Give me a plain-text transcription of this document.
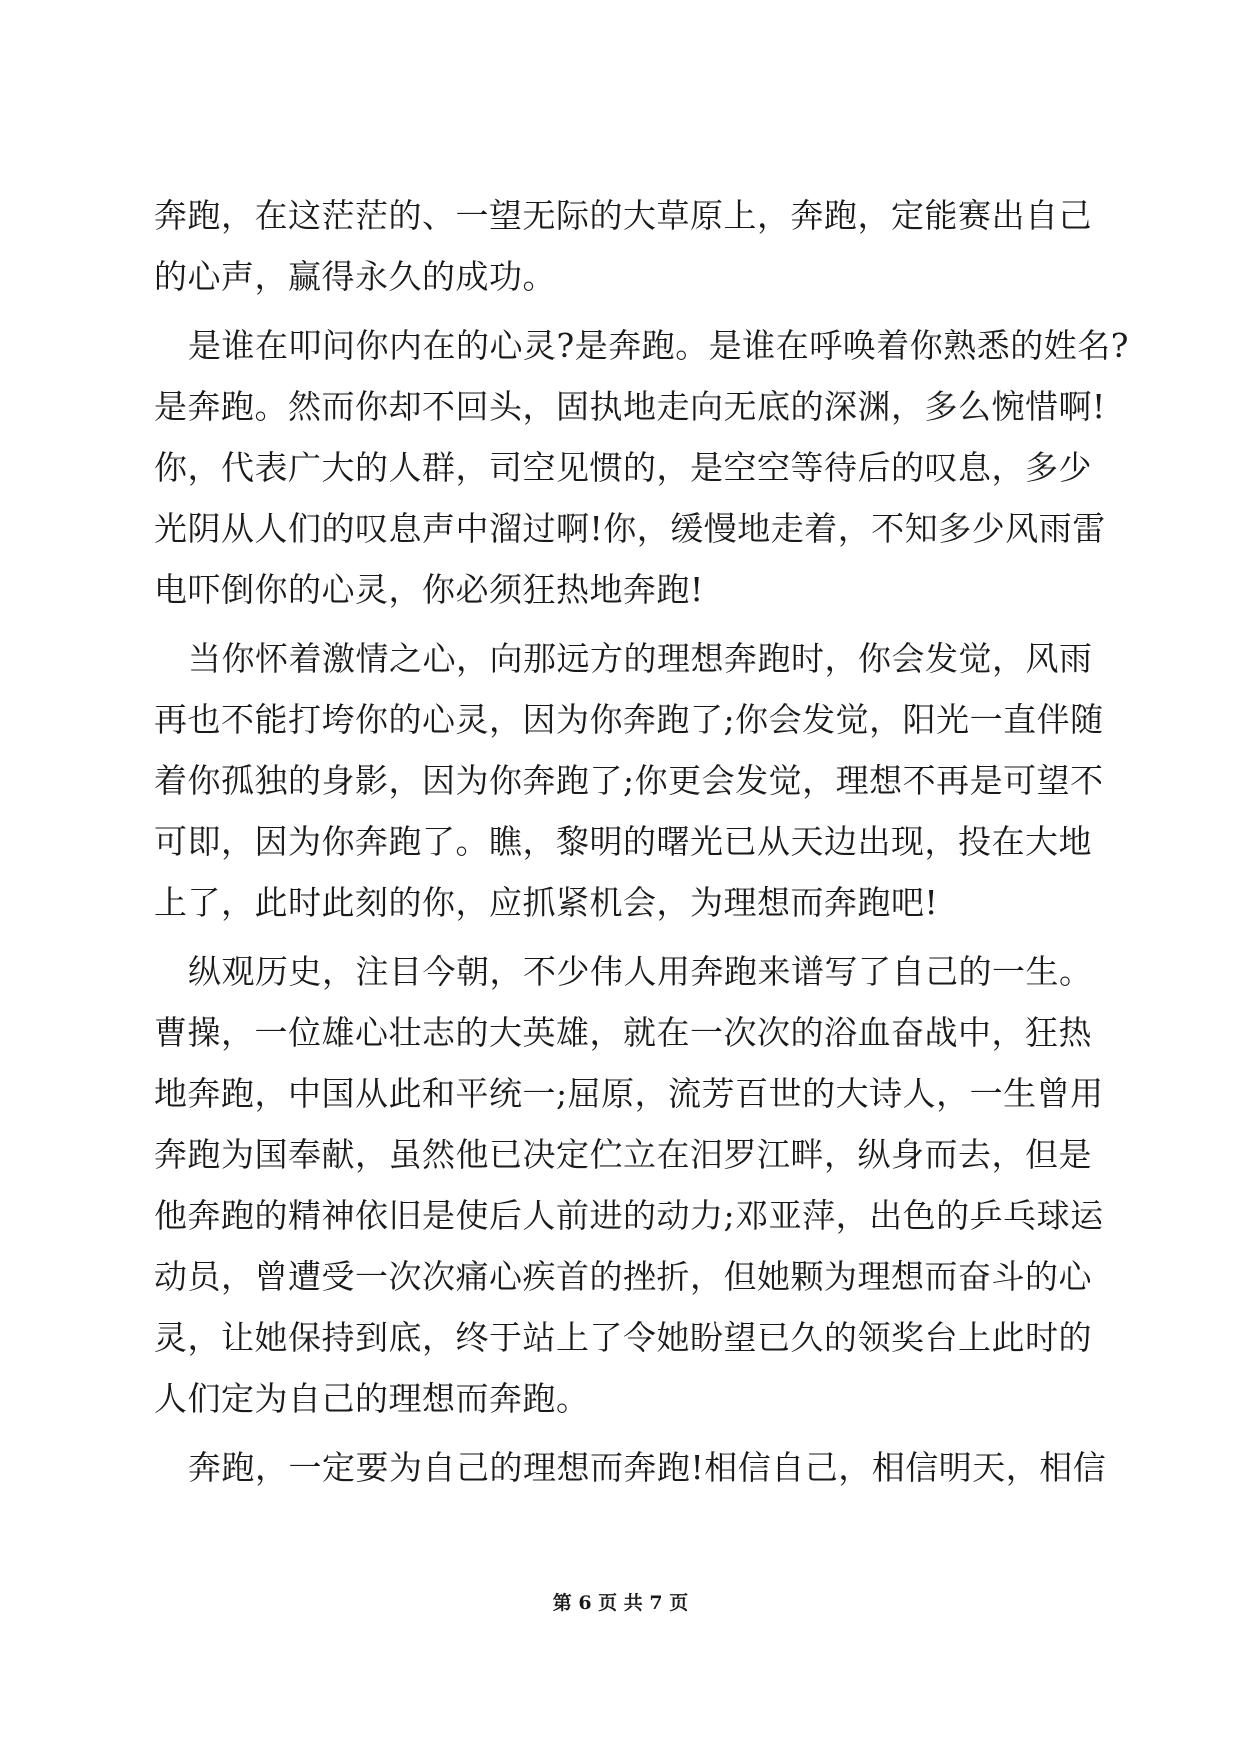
奔跑，在这茫茫的、一望无际的大草原上，奔跑，定能赛出自己
的心声，赢得永久的成功。
是谁在叩问你内在的心灵?是奔跑。是谁在呼唤着你熟悉的姓名?
是奔跑。然而你却不回头，固执地走向无底的深渊，多么惋惜啊!
你，代表广大的人群，司空见惯的，是空空等待后的叹息，多少
光阴从人们的叹息声中溜过啊!你，缓慢地走着，不知多少风雨雷
电吓倒你的心灵，你必须狂热地奔跑!
当你怀着激情之心，向那远方的理想奔跑时，你会发觉，风雨
再也不能打垮你的心灵，因为你奔跑了;你会发觉，阳光一直伴随
着你孤独的身影，因为你奔跑了;你更会发觉，理想不再是可望不
可即，因为你奔跑了。瞧，黎明的曙光已从天边出现，投在大地
上了，此时此刻的你，应抓紧机会，为理想而奔跑吧!
纵观历史，注目今朝，不少伟人用奔跑来谱写了自己的一生。
曹操，一位雄心壮志的大英雄，就在一次次的浴血奋战中，狂热
地奔跑，中国从此和平统一;屈原，流芳百世的大诗人，一生曾用
奔跑为国奉献，虽然他已决定伫立在汨罗江畔，纵身而去，但是
他奔跑的精神依旧是使后人前进的动力;邓亚萍，出色的乒乓球运
动员，曾遭受一次次痛心疾首的挫折，但她颗为理想而奋斗的心
灵，让她保持到底，终于站上了令她盼望已久的领奖台上此时的
人们定为自己的理想而奔跑。
奔跑，一定要为自己的理想而奔跑!相信自己，相信明天，相信
第 6 页 共 7 页
